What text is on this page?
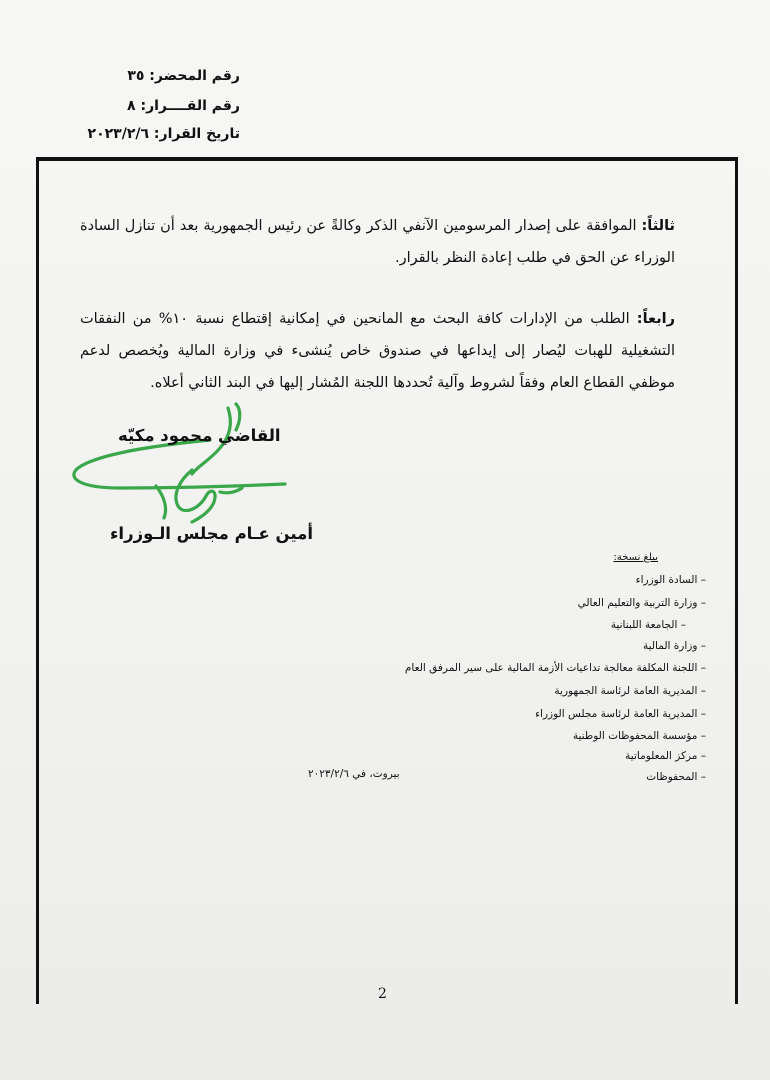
رقم المحضر: ٣٥
رقم القــــرار: ٨
تاريخ القرار: ٢٠٢٣/٢/٦
ثالثاً: الموافقة على إصدار المرسومين الآنفي الذكر وكالةً عن رئيس الجمهورية بعد أن تنازل السادة الوزراء عن الحق في طلب إعادة النظر بالقرار.
رابعاً: الطلب من الإدارات كافة البحث مع المانحين في إمكانية إقتطاع نسبة ١٠% من النفقات التشغيلية للهبات ليُصار إلى إيداعها في صندوق خاص يُنشىء في وزارة المالية ويُخصص لدعم موظفي القطاع العام وفقاً لشروط وآلية تُحددها اللجنة المُشار إليها في البند الثاني أعلاه.
القاضي محمود مكيّه
أمين عـام مجلس الـوزراء
يبلغ نسخة:
– السادة الوزراء
– وزارة التربية والتعليم العالي
– الجامعة اللبنانية
– وزارة المالية
– اللجنة المكلفة معالجة تداعيات الأزمة المالية على سير المرفق العام
– المديرية العامة لرئاسة الجمهورية
– المديرية العامة لرئاسة مجلس الوزراء
– مؤسسة المحفوظات الوطنية
– مركز المعلوماتية
– المحفوظات
بيروت، في ٢٠٢٣/٢/٦
2
